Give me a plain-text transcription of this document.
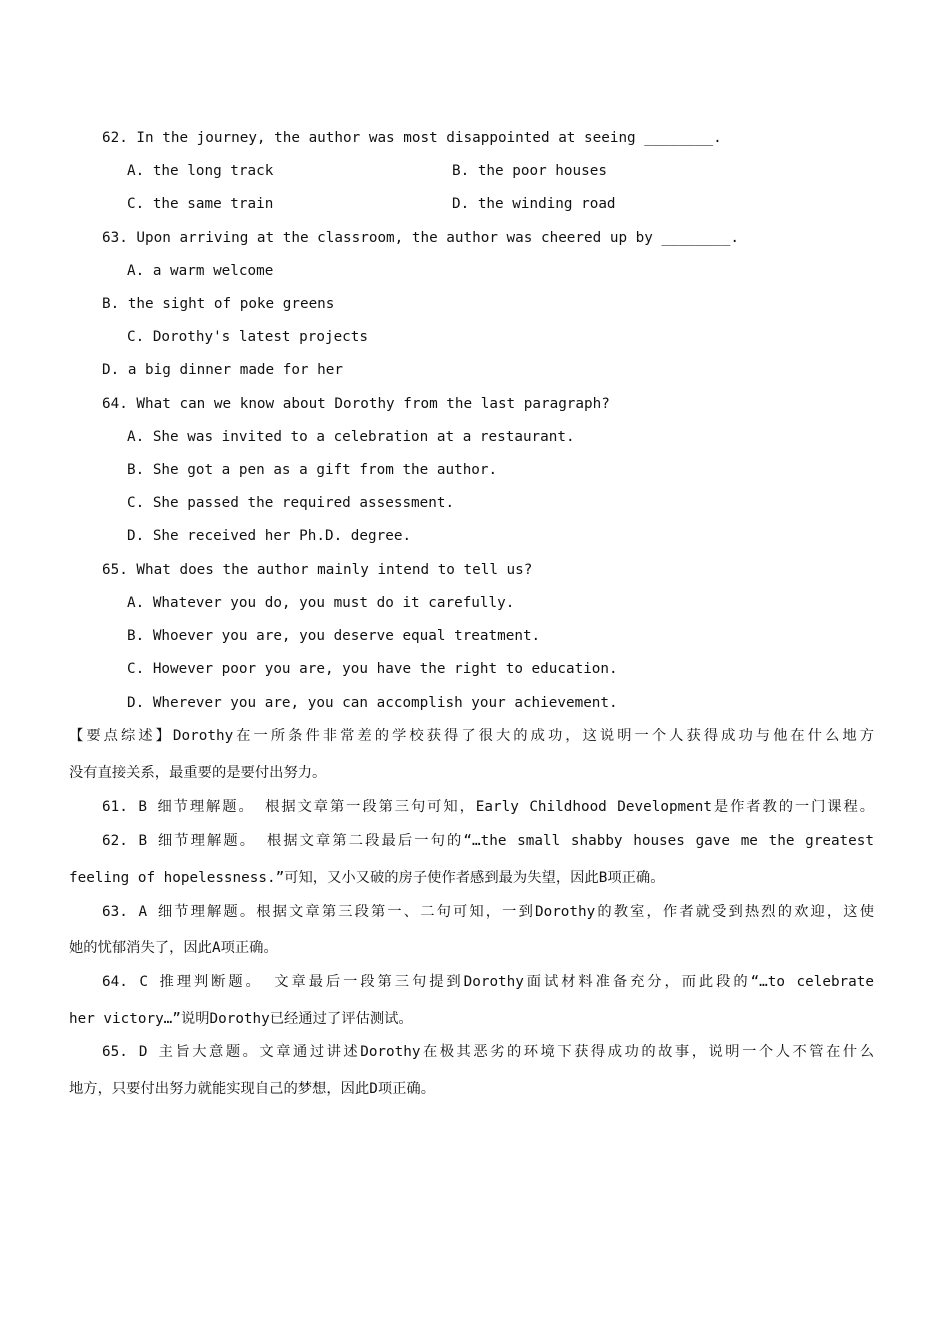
62. In the journey, the author was most disappointed at seeing ________.
A. the long track	B. the poor houses
C. the same train	D. the winding road
63. Upon arriving at the classroom, the author was cheered up by ________.
A. a warm welcome
B. the sight of poke greens
C. Dorothy's latest projects
D. a big dinner made for her
64. What can we know about Dorothy from the last paragraph?
A. She was invited to a celebration at a restaurant.
B. She got a pen as a gift from the author.
C. She passed the required assessment.
D. She received her Ph.D. degree.
65. What does the author mainly intend to tell us?
A. Whatever you do, you must do it carefully.
B. Whoever you are, you deserve equal treatment.
C. However poor you are, you have the right to education.
D. Wherever you are, you can accomplish your achievement.
【要点综述】Dorothy在一所条件非常差的学校获得了很大的成功，这说明一个人获得成功与他在什么地方
没有直接关系，最重要的是要付出努力。
61. B 细节理解题。 根据文章第一段第三句可知，Early Childhood Development是作者教的一门课程。
62. B 细节理解题。 根据文章第二段最后一句的“…the small shabby houses gave me the greatest
feeling of hopelessness.”可知，又小又破的房子使作者感到最为失望，因此B项正确。
63. A 细节理解题。根据文章第三段第一、二句可知，一到Dorothy的教室，作者就受到热烈的欢迎，这使
她的忧郁消失了，因此A项正确。
64. C 推理判断题。 文章最后一段第三句提到Dorothy面试材料准备充分，而此段的“…to celebrate
her victory…”说明Dorothy已经通过了评估测试。
65. D 主旨大意题。文章通过讲述Dorothy在极其恶劣的环境下获得成功的故事，说明一个人不管在什么
地方，只要付出努力就能实现自己的梦想，因此D项正确。
